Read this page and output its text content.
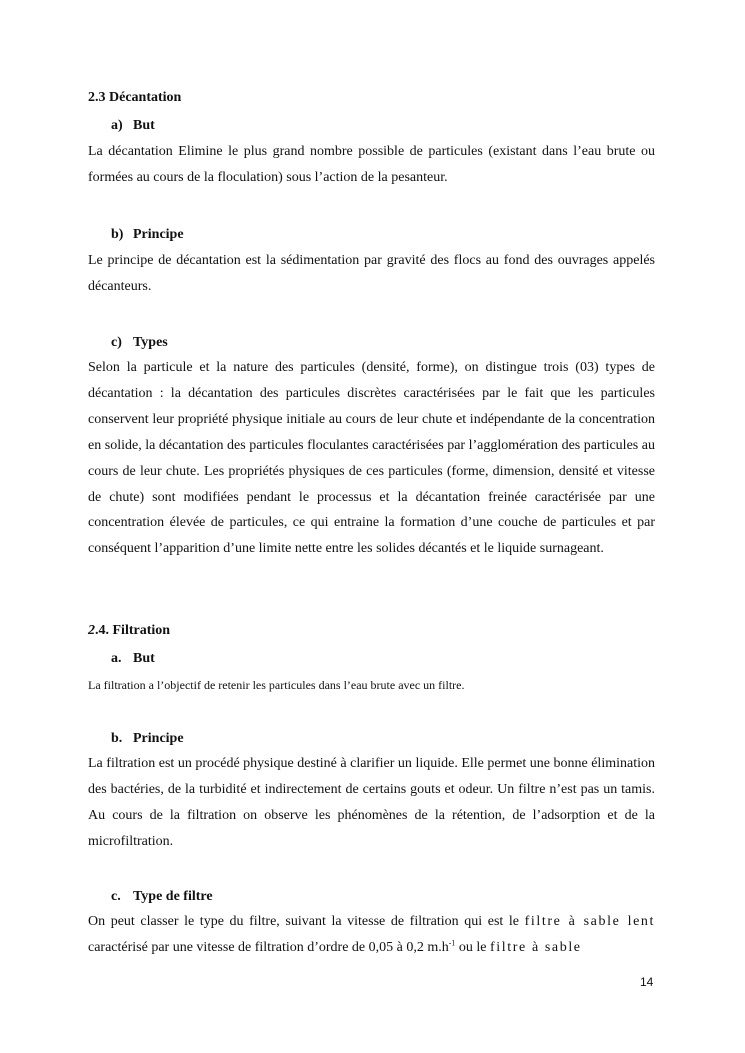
2.3 Décantation
a) But
La décantation Elimine le plus grand nombre possible de particules (existant dans l’eau brute ou formées au cours de la floculation) sous l’action de la pesanteur.
b) Principe
Le principe de décantation est la sédimentation par gravité des flocs au fond des ouvrages appelés décanteurs.
c) Types
Selon la particule et la nature des particules (densité, forme), on distingue trois (03) types de décantation : la décantation des particules discrètes caractérisées par le fait que les particules conservent leur propriété physique initiale au cours de leur chute et indépendante de la concentration en solide, la décantation des particules floculantes caractérisées par l’agglomération des particules au cours de leur chute. Les propriétés physiques de ces particules (forme, dimension, densité et vitesse de chute) sont modifiées pendant le processus et la décantation freinée caractérisée par une concentration élevée de particules, ce qui entraine la formation d’une couche de particules et par conséquent l’apparition d’une limite nette entre les solides décantés et le liquide surnageant.
2.4. Filtration
a. But
La filtration a l’objectif de retenir les particules dans l’eau brute avec un filtre.
b. Principe
La filtration est un procédé physique destiné à clarifier un liquide. Elle permet une bonne élimination des bactéries, de la turbidité et indirectement de certains gouts et odeur. Un filtre n’est pas un tamis. Au cours de la filtration on observe les phénomènes de la rétention, de l’adsorption et de la microfiltration.
c. Type de filtre
On peut classer le type du filtre, suivant la vitesse de filtration qui est le filtre à sable lent caractérisé par une vitesse de filtration d’ordre de 0,05 à 0,2 $m.h^{-1}$ ou le filtre à sable
14
